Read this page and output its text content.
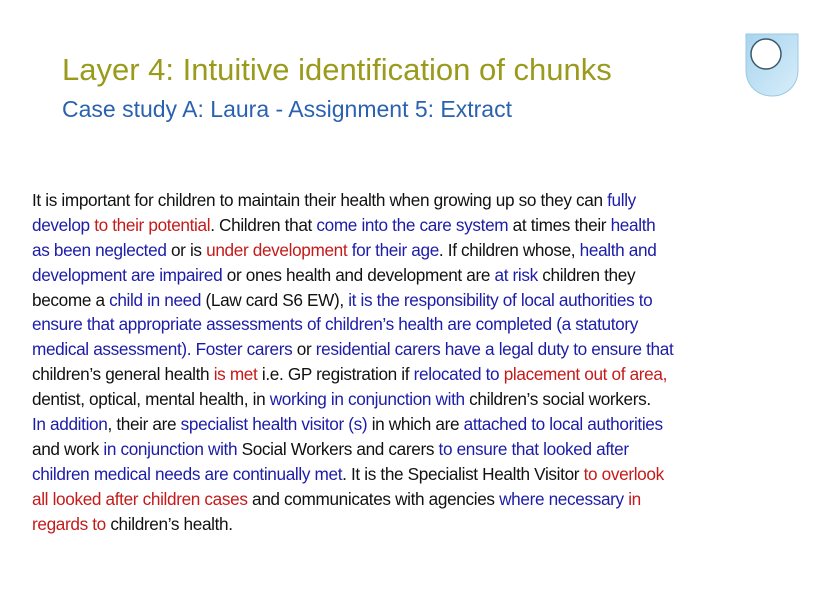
Layer 4: Intuitive identification of chunks
Case study A: Laura - Assignment 5: Extract
It is important for children to maintain their health when growing up so they can fully
develop to their potential. Children that come into the care system at times their health
as been neglected or is under development for their age. If children whose, health and
development are impaired or ones health and development are at risk children they
become a child in need (Law card S6 EW), it is the responsibility of local authorities to
ensure that appropriate assessments of children’s health are completed (a statutory
medical assessment). Foster carers or residential carers have a legal duty to ensure that
children’s general health is met i.e. GP registration if relocated to placement out of area,
dentist, optical, mental health, in working in conjunction with children’s social workers.
In addition, their are specialist health visitor (s) in which are attached to local authorities
and work in conjunction with Social Workers and carers to ensure that looked after
children medical needs are continually met. It is the Specialist Health Visitor to overlook
all looked after children cases and communicates with agencies where necessary in
regards to children’s health.
